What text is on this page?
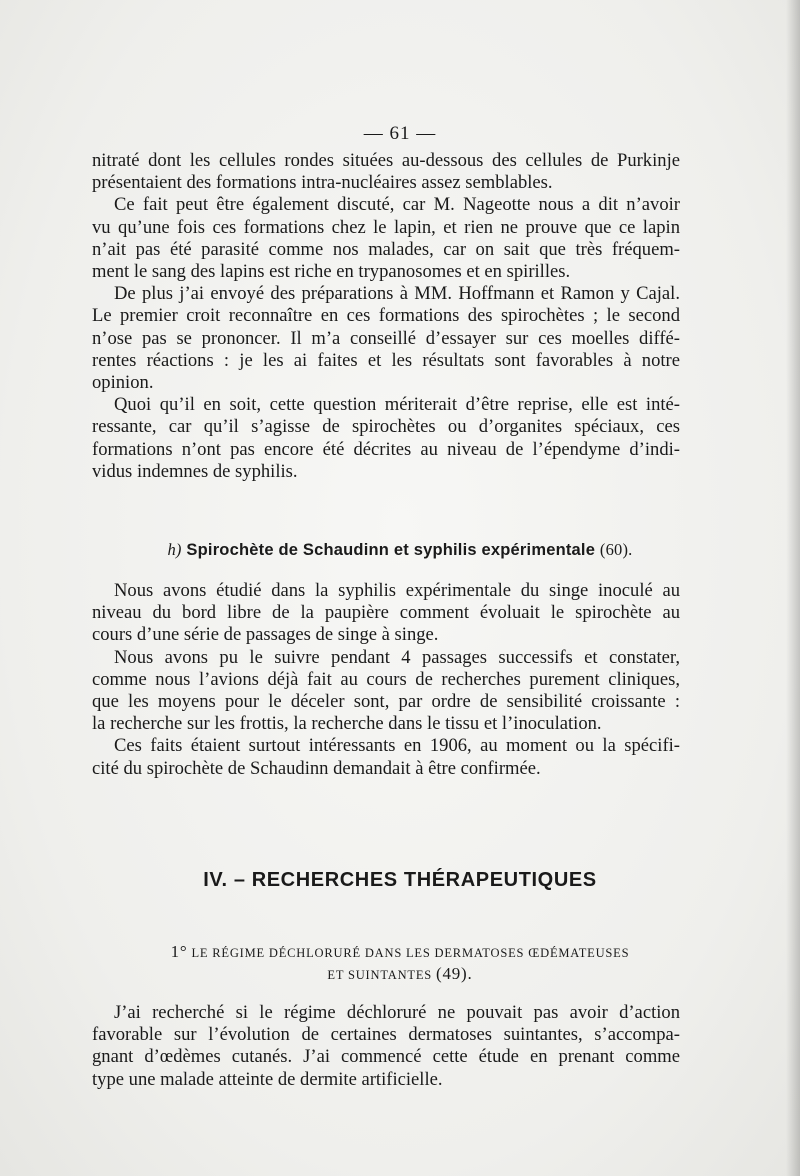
— 61 —
nitraté dont les cellules rondes situées au-dessous des cellules de Purkinje
présentaient des formations intra-nucléaires assez semblables.
Ce fait peut être également discuté, car M. Nageotte nous a dit n’avoir
vu qu’une fois ces formations chez le lapin, et rien ne prouve que ce lapin
n’ait pas été parasité comme nos malades, car on sait que très fréquem-
ment le sang des lapins est riche en trypanosomes et en spirilles.
De plus j’ai envoyé des préparations à MM. Hoffmann et Ramon y Cajal.
Le premier croit reconnaître en ces formations des spirochètes ; le second
n’ose pas se prononcer. Il m’a conseillé d’essayer sur ces moelles diffé-
rentes réactions : je les ai faites et les résultats sont favorables à notre
opinion.
Quoi qu’il en soit, cette question mériterait d’être reprise, elle est inté-
ressante, car qu’il s’agisse de spirochètes ou d’organites spéciaux, ces
formations n’ont pas encore été décrites au niveau de l’épendyme d’indi-
vidus indemnes de syphilis.
h) Spirochète de Schaudinn et syphilis expérimentale (60).
Nous avons étudié dans la syphilis expérimentale du singe inoculé au
niveau du bord libre de la paupière comment évoluait le spirochète au
cours d’une série de passages de singe à singe.
Nous avons pu le suivre pendant 4 passages successifs et constater,
comme nous l’avions déjà fait au cours de recherches purement cliniques,
que les moyens pour le déceler sont, par ordre de sensibilité croissante :
la recherche sur les frottis, la recherche dans le tissu et l’inoculation.
Ces faits étaient surtout intéressants en 1906, au moment ou la spécifi-
cité du spirochète de Schaudinn demandait à être confirmée.
IV. – RECHERCHES THÉRAPEUTIQUES
1° LE RÉGIME DÉCHLORURÉ DANS LES DERMATOSES ŒDÉMATEUSES
ET SUINTANTES (49).
J’ai recherché si le régime déchloruré ne pouvait pas avoir d’action
favorable sur l’évolution de certaines dermatoses suintantes, s’accompa-
gnant d’œdèmes cutanés. J’ai commencé cette étude en prenant comme
type une malade atteinte de dermite artificielle.
